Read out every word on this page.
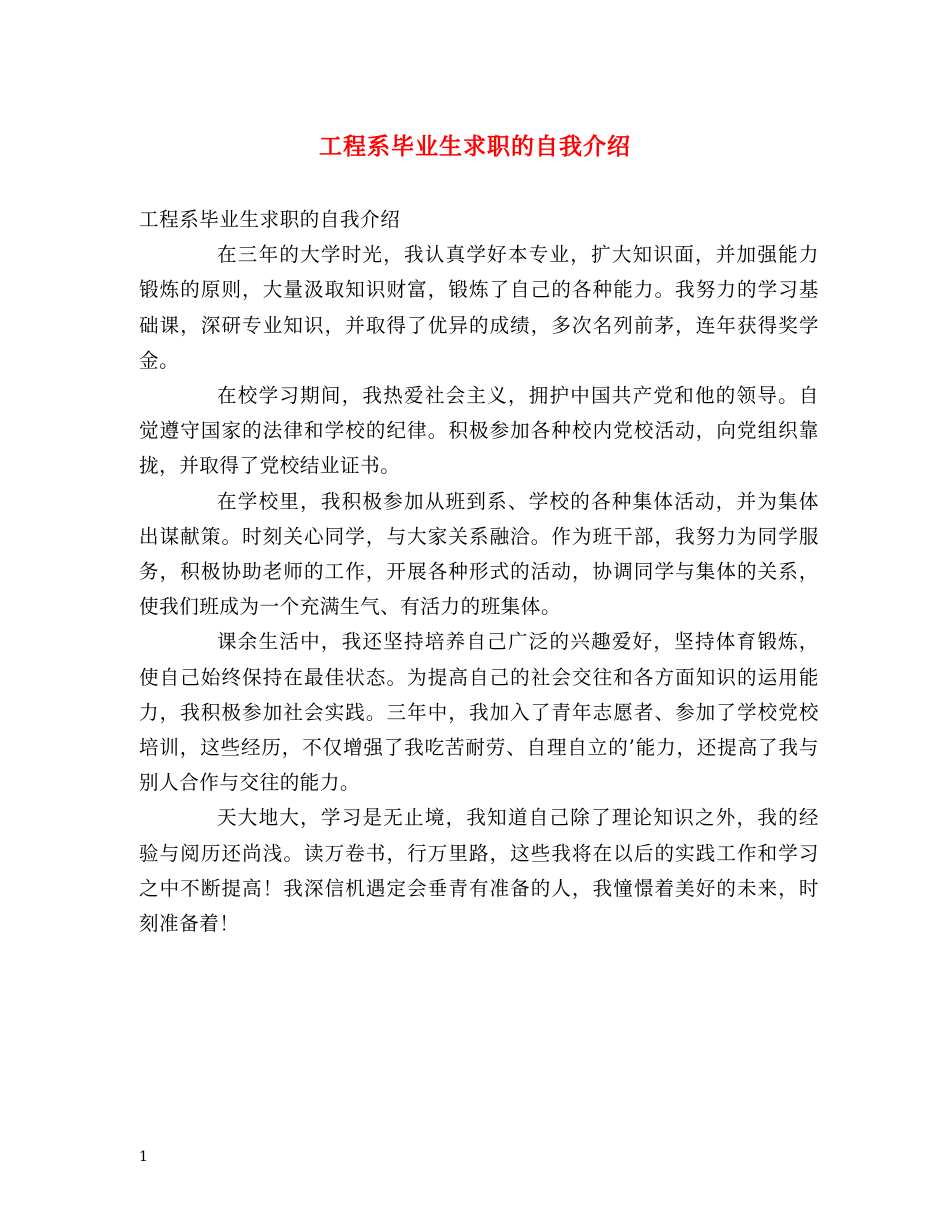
工程系毕业生求职的自我介绍

工程系毕业生求职的自我介绍

在三年的大学时光，我认真学好本专业，扩大知识面，并加强能力锻炼的原则，大量汲取知识财富，锻炼了自己的各种能力。我努力的学习基础课，深研专业知识，并取得了优异的成绩，多次名列前茅，连年获得奖学金。

在校学习期间，我热爱社会主义，拥护中国共产党和他的领导。自觉遵守国家的法律和学校的纪律。积极参加各种校内党校活动，向党组织靠拢，并取得了党校结业证书。

在学校里，我积极参加从班到系、学校的各种集体活动，并为集体出谋献策。时刻关心同学，与大家关系融洽。作为班干部，我努力为同学服务，积极协助老师的工作，开展各种形式的活动，协调同学与集体的关系，使我们班成为一个充满生气、有活力的班集体。

课余生活中，我还坚持培养自己广泛的兴趣爱好，坚持体育锻炼，使自己始终保持在最佳状态。为提高自己的社会交往和各方面知识的运用能力，我积极参加社会实践。三年中，我加入了青年志愿者、参加了学校党校培训，这些经历，不仅增强了我吃苦耐劳、自理自立的’能力，还提高了我与别人合作与交往的能力。

天大地大，学习是无止境，我知道自己除了理论知识之外，我的经验与阅历还尚浅。读万卷书，行万里路，这些我将在以后的实践工作和学习之中不断提高！我深信机遇定会垂青有准备的人，我憧憬着美好的未来，时刻准备着！

1
